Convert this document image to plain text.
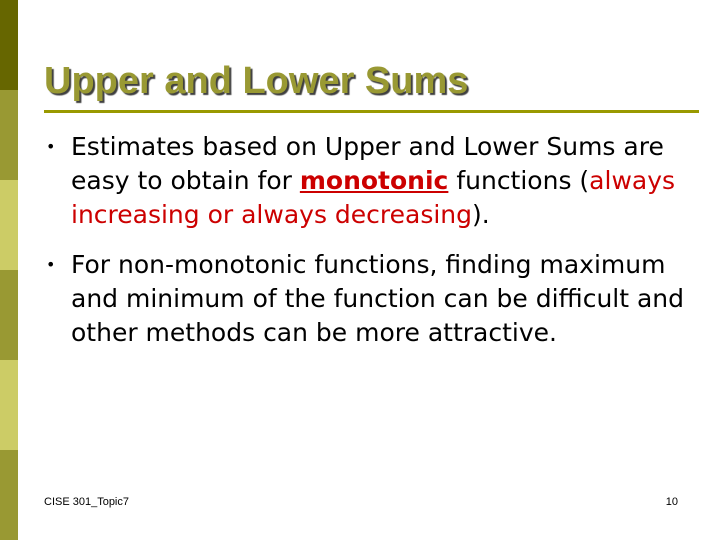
Upper and Lower Sums
• Estimates based on Upper and Lower Sums are easy to obtain for monotonic functions (always increasing or always decreasing).
• For non-monotonic functions, finding maximum and minimum of the function can be difficult and other methods can be more attractive.
CISE 301_Topic7	10
